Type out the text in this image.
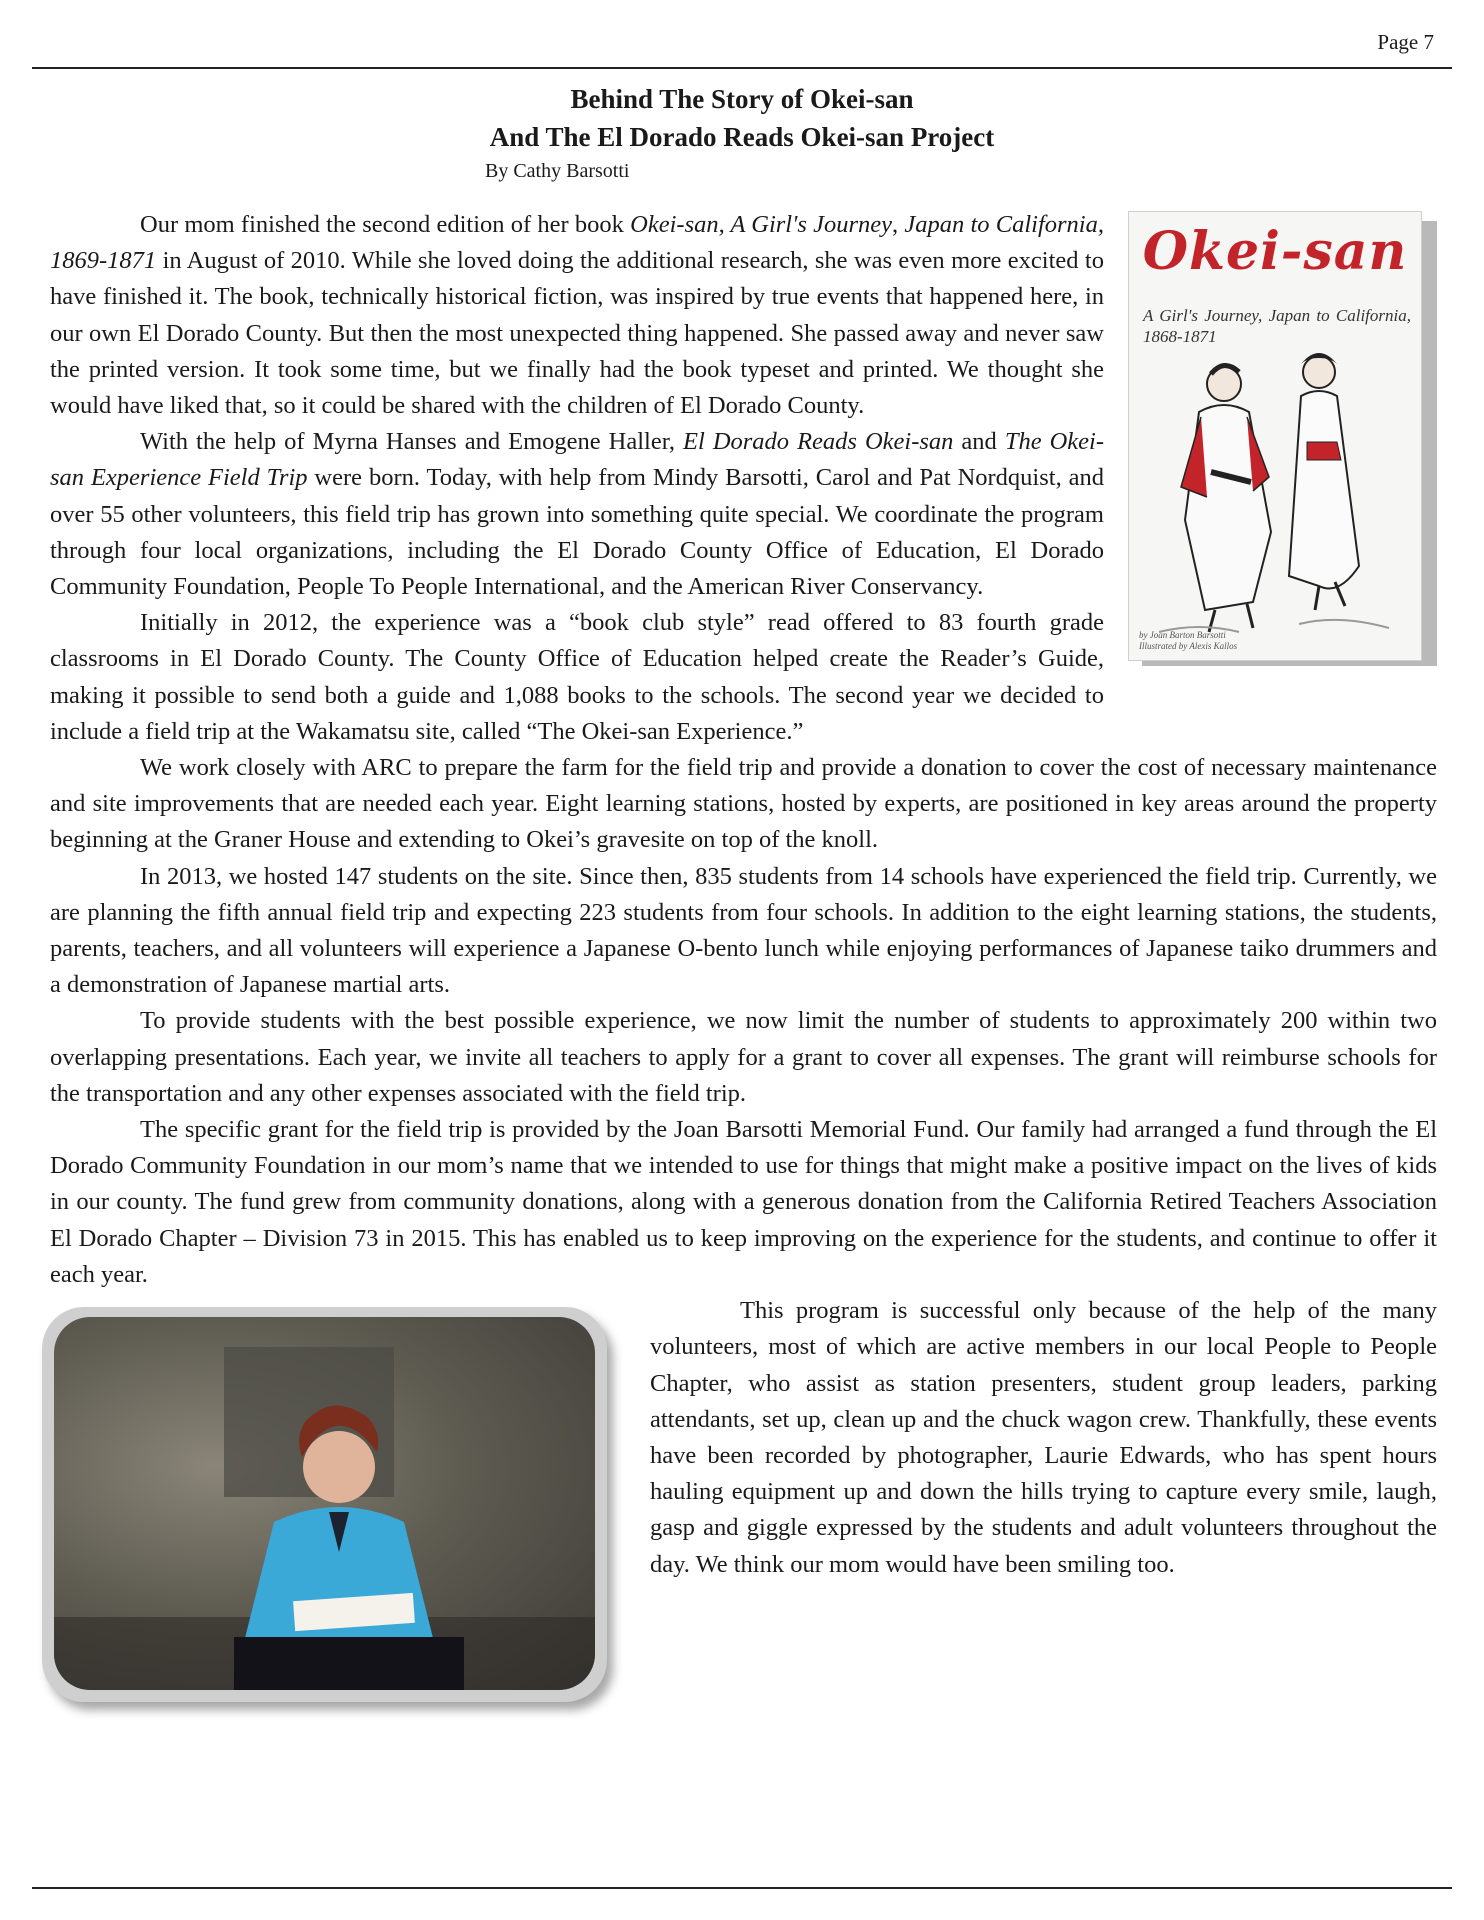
Page 7
Behind The Story of Okei-san
And The El Dorado Reads Okei-san Project
By Cathy Barsotti
Okei-san
A Girl's Journey, Japan to California, 1868-1871
by Joan Barton Barsotti
Illustrated by Alexis Kallos

Our mom finished the second edition of her book Okei-san, A Girl's Journey, Japan to California, 1869-1871 in August of 2010. While she loved doing the additional research, she was even more excited to have finished it. The book, technically historical fiction, was inspired by true events that happened here, in our own El Dorado County. But then the most unexpected thing happened. She passed away and never saw the printed version. It took some time, but we finally had the book typeset and printed. We thought she would have liked that, so it could be shared with the children of El Dorado County.

With the help of Myrna Hanses and Emogene Haller, El Dorado Reads Okei-san and The Okei-san Experience Field Trip were born. Today, with help from Mindy Barsotti, Carol and Pat Nordquist, and over 55 other volunteers, this field trip has grown into something quite special. We coordinate the program through four local organizations, including the El Dorado County Office of Education, El Dorado Community Foundation, People To People International, and the American River Conservancy.

Initially in 2012, the experience was a “book club style” read offered to 83 fourth grade classrooms in El Dorado County. The County Office of Education helped create the Reader’s Guide, making it possible to send both a guide and 1,088 books to the schools. The second year we decided to include a field trip at the Wakamatsu site, called “The Okei-san Experience.”

We work closely with ARC to prepare the farm for the field trip and provide a donation to cover the cost of necessary maintenance and site improvements that are needed each year. Eight learning stations, hosted by experts, are positioned in key areas around the property beginning at the Graner House and extending to Okei’s gravesite on top of the knoll.

In 2013, we hosted 147 students on the site. Since then, 835 students from 14 schools have experienced the field trip. Currently, we are planning the fifth annual field trip and expecting 223 students from four schools. In addition to the eight learning stations, the students, parents, teachers, and all volunteers will experience a Japanese O-bento lunch while enjoying performances of Japanese taiko drummers and a demonstration of Japanese martial arts.

To provide students with the best possible experience, we now limit the number of students to approximately 200 within two overlapping presentations. Each year, we invite all teachers to apply for a grant to cover all expenses. The grant will reimburse schools for the transportation and any other expenses associated with the field trip.

The specific grant for the field trip is provided by the Joan Barsotti Memorial Fund. Our family had arranged a fund through the El Dorado Community Foundation in our mom’s name that we intended to use for things that might make a positive impact on the lives of kids in our county. The fund grew from community donations, along with a generous donation from the California Retired Teachers Association El Dorado Chapter – Division 73 in 2015. This has enabled us to keep improving on the experience for the students, and continue to offer it each year.

This program is successful only because of the help of the many volunteers, most of which are active members in our local People to People Chapter, who assist as station presenters, student group leaders, parking attendants, set up, clean up and the chuck wagon crew. Thankfully, these events have been recorded by photographer, Laurie Edwards, who has spent hours hauling equipment up and down the hills trying to capture every smile, laugh, gasp and giggle expressed by the students and adult volunteers throughout the day. We think our mom would have been smiling too.
